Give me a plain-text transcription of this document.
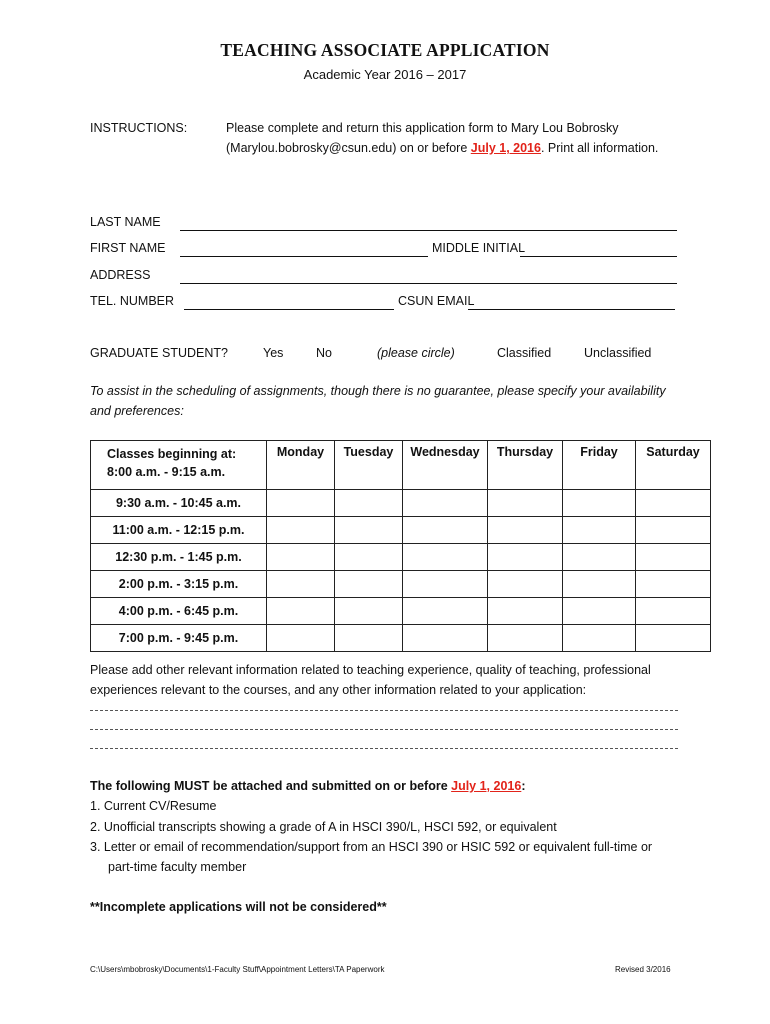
TEACHING ASSOCIATE APPLICATION
Academic Year 2016 – 2017
INSTRUCTIONS:	Please complete and return this application form to Mary Lou Bobrosky
(Marylou.bobrosky@csun.edu) on or before July 1, 2016. Print all information.
LAST NAME
FIRST NAME	MIDDLE INITIAL
ADDRESS
TEL. NUMBER	CSUN EMAIL
GRADUATE STUDENT?	Yes	No	(please circle)	Classified	Unclassified
To assist in the scheduling of assignments, though there is no guarantee, please specify your availability
and preferences:
Classes beginning at:
8:00 a.m. - 9:15 a.m.	Monday	Tuesday	Wednesday	Thursday	Friday	Saturday
9:30 a.m. - 10:45 a.m.						
11:00 a.m. - 12:15 p.m.						
12:30 p.m. - 1:45 p.m.						
2:00 p.m. - 3:15 p.m.						
4:00 p.m. - 6:45 p.m.						
7:00 p.m. - 9:45 p.m.						
Please add other relevant information related to teaching experience, quality of teaching, professional
experiences relevant to the courses, and any other information related to your application:
The following MUST be attached and submitted on or before July 1, 2016:
1. Current CV/Resume
2. Unofficial transcripts showing a grade of A in HSCI 390/L, HSCI 592, or equivalent
3. Letter or email of recommendation/support from an HSCI 390 or HSIC 592 or equivalent full-time or
part-time faculty member
**Incomplete applications will not be considered**
C:\Users\mbobrosky\Documents\1-Faculty Stuff\Appointment Letters\TA Paperwork	Revised 3/2016
